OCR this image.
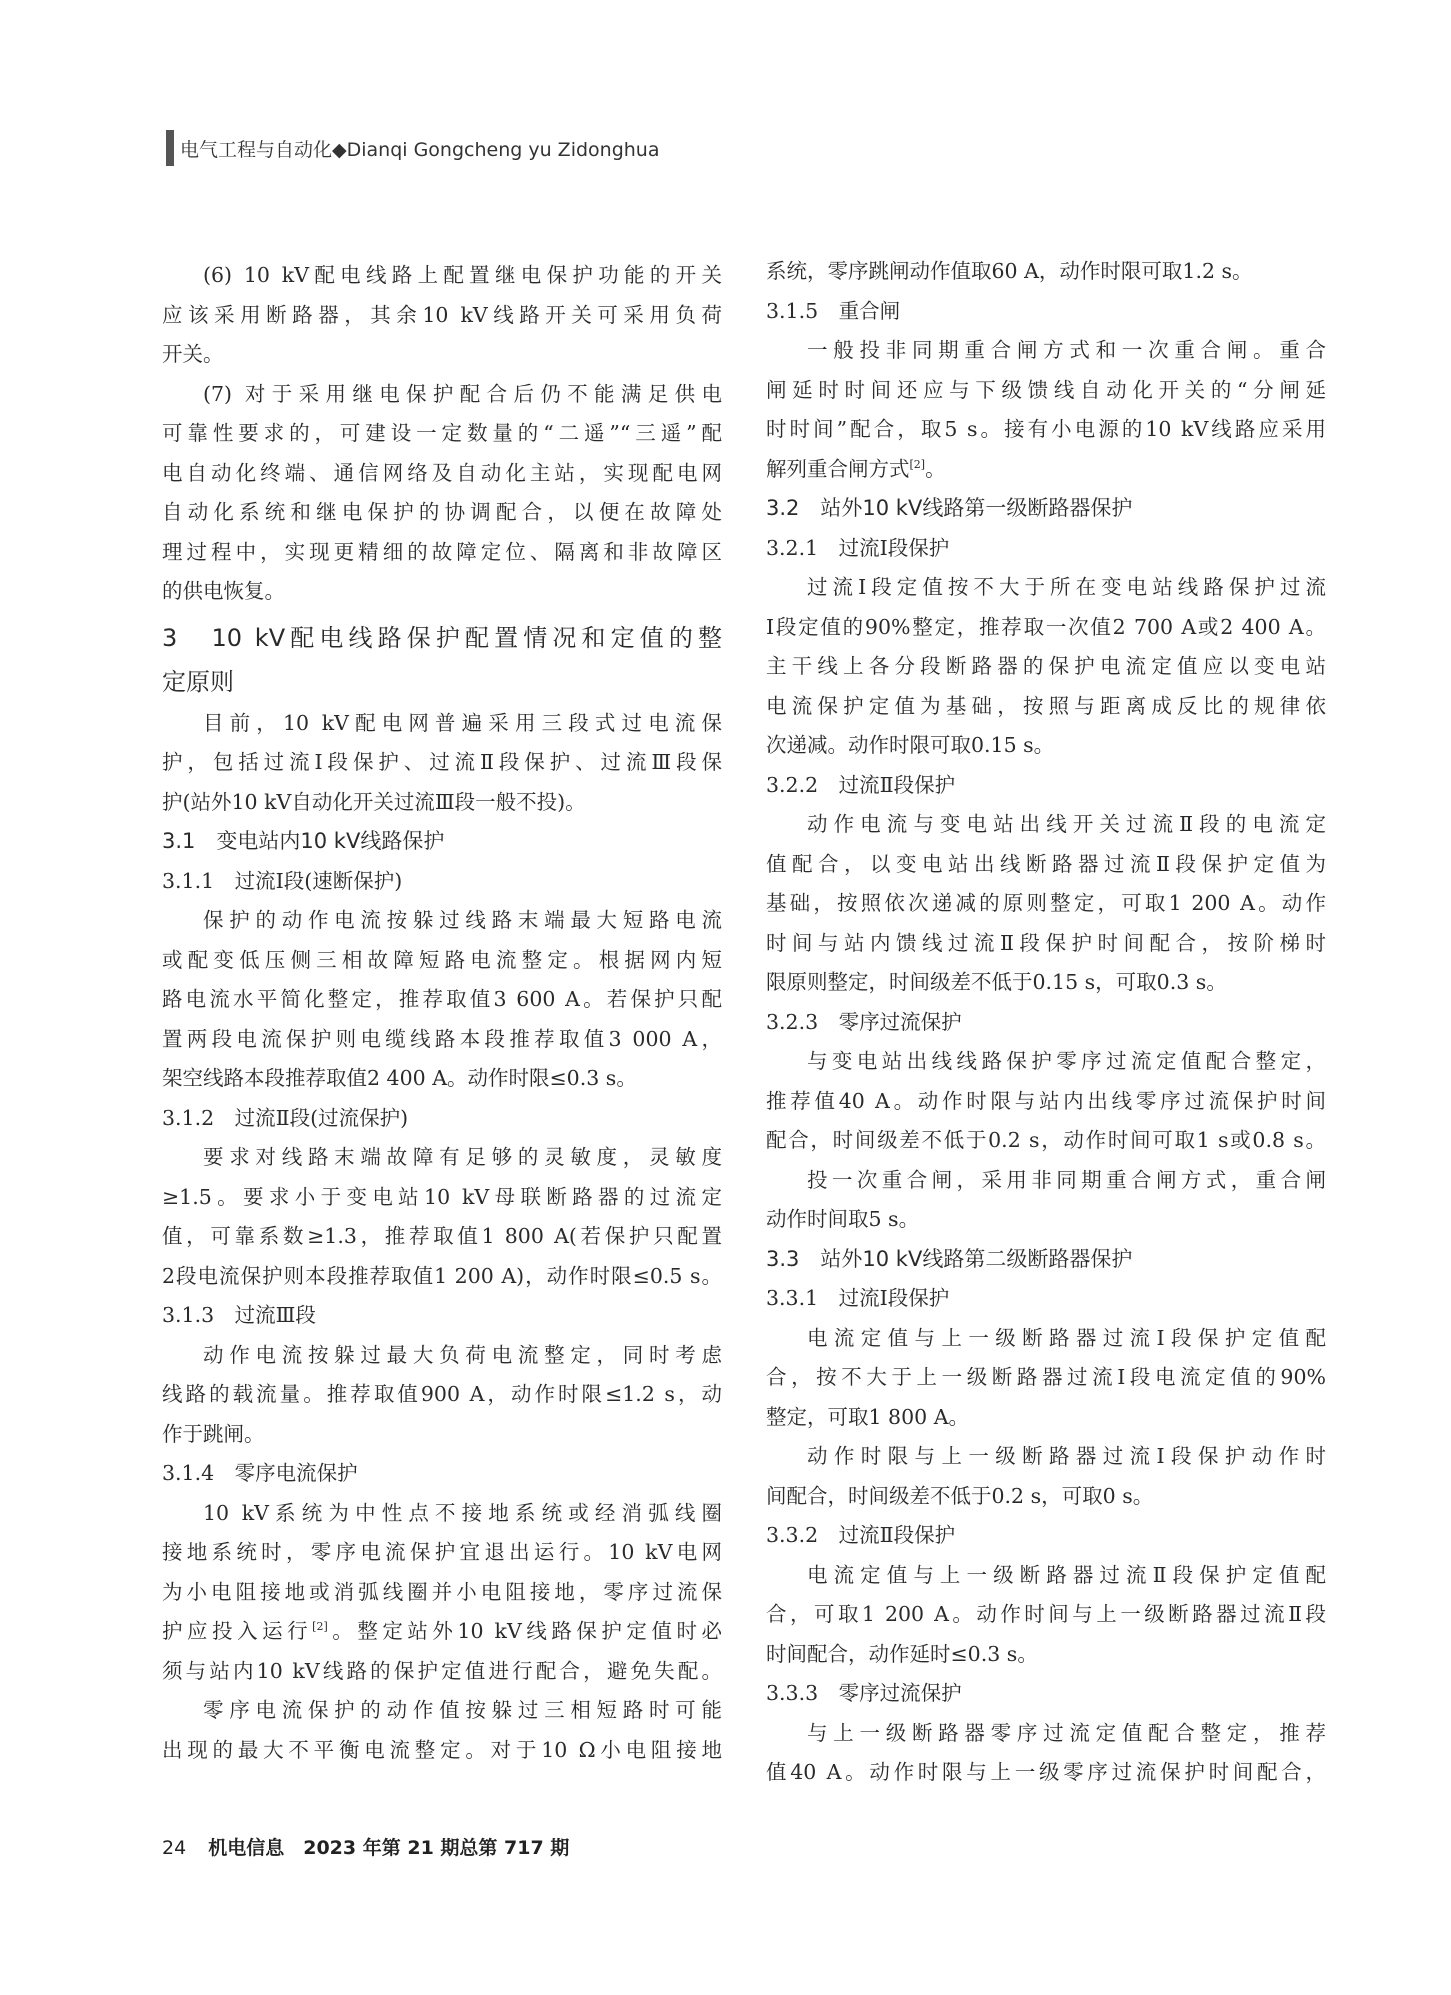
电气工程与自动化◆Dianqi Gongcheng yu Zidonghua
(6) 10 kV配电线路上配置继电保护功能的开关
应该采用断路器，其余10 kV线路开关可采用负荷
开关。
(7) 对于采用继电保护配合后仍不能满足供电
可靠性要求的，可建设一定数量的“二遥”“三遥”配
电自动化终端、通信网络及自动化主站，实现配电网
自动化系统和继电保护的协调配合，以便在故障处
理过程中，实现更精细的故障定位、隔离和非故障区
的供电恢复。
3　10 kV配电线路保护配置情况和定值的整
定原则
目前，10 kV配电网普遍采用三段式过电流保
护，包括过流Ⅰ段保护、过流Ⅱ段保护、过流Ⅲ段保
护(站外10 kV自动化开关过流Ⅲ段一般不投)。
3.1　变电站内10 kV线路保护
3.1.1　过流Ⅰ段(速断保护)
保护的动作电流按躲过线路末端最大短路电流
或配变低压侧三相故障短路电流整定。根据网内短
路电流水平简化整定，推荐取值3 600 A。若保护只配
置两段电流保护则电缆线路本段推荐取值3 000 A，
架空线路本段推荐取值2 400 A。动作时限≤0.3 s。
3.1.2　过流Ⅱ段(过流保护)
要求对线路末端故障有足够的灵敏度，灵敏度
≥1.5。要求小于变电站10 kV母联断路器的过流定
值，可靠系数≥1.3，推荐取值1 800 A(若保护只配置
2段电流保护则本段推荐取值1 200 A)，动作时限≤0.5 s。
3.1.3　过流Ⅲ段
动作电流按躲过最大负荷电流整定，同时考虑
线路的载流量。推荐取值900 A，动作时限≤1.2 s，动
作于跳闸。
3.1.4　零序电流保护
10 kV系统为中性点不接地系统或经消弧线圈
接地系统时，零序电流保护宜退出运行。10 kV电网
为小电阻接地或消弧线圈并小电阻接地，零序过流保
护应投入运行[2]。整定站外10 kV线路保护定值时必
须与站内10 kV线路的保护定值进行配合，避免失配。
零序电流保护的动作值按躲过三相短路时可能
出现的最大不平衡电流整定。对于10 Ω小电阻接地
系统，零序跳闸动作值取60 A，动作时限可取1.2 s。
3.1.5　重合闸
一般投非同期重合闸方式和一次重合闸。重合
闸延时时间还应与下级馈线自动化开关的“分闸延
时时间”配合，取5 s。接有小电源的10 kV线路应采用
解列重合闸方式[2]。
3.2　站外10 kV线路第一级断路器保护
3.2.1　过流Ⅰ段保护
过流Ⅰ段定值按不大于所在变电站线路保护过流
Ⅰ段定值的90%整定，推荐取一次值2 700 A或2 400 A。
主干线上各分段断路器的保护电流定值应以变电站
电流保护定值为基础，按照与距离成反比的规律依
次递减。动作时限可取0.15 s。
3.2.2　过流Ⅱ段保护
动作电流与变电站出线开关过流Ⅱ段的电流定
值配合，以变电站出线断路器过流Ⅱ段保护定值为
基础，按照依次递减的原则整定，可取1 200 A。动作
时间与站内馈线过流Ⅱ段保护时间配合，按阶梯时
限原则整定，时间级差不低于0.15 s，可取0.3 s。
3.2.3　零序过流保护
与变电站出线线路保护零序过流定值配合整定，
推荐值40 A。动作时限与站内出线零序过流保护时间
配合，时间级差不低于0.2 s，动作时间可取1 s或0.8 s。
投一次重合闸，采用非同期重合闸方式，重合闸
动作时间取5 s。
3.3　站外10 kV线路第二级断路器保护
3.3.1　过流Ⅰ段保护
电流定值与上一级断路器过流Ⅰ段保护定值配
合，按不大于上一级断路器过流Ⅰ段电流定值的90%
整定，可取1 800 A。
动作时限与上一级断路器过流Ⅰ段保护动作时
间配合，时间级差不低于0.2 s，可取0 s。
3.3.2　过流Ⅱ段保护
电流定值与上一级断路器过流Ⅱ段保护定值配
合，可取1 200 A。动作时间与上一级断路器过流Ⅱ段
时间配合，动作延时≤0.3 s。
3.3.3　零序过流保护
与上一级断路器零序过流定值配合整定，推荐
值40 A。动作时限与上一级零序过流保护时间配合，
24 机电信息　2023 年第 21 期总第 717 期
